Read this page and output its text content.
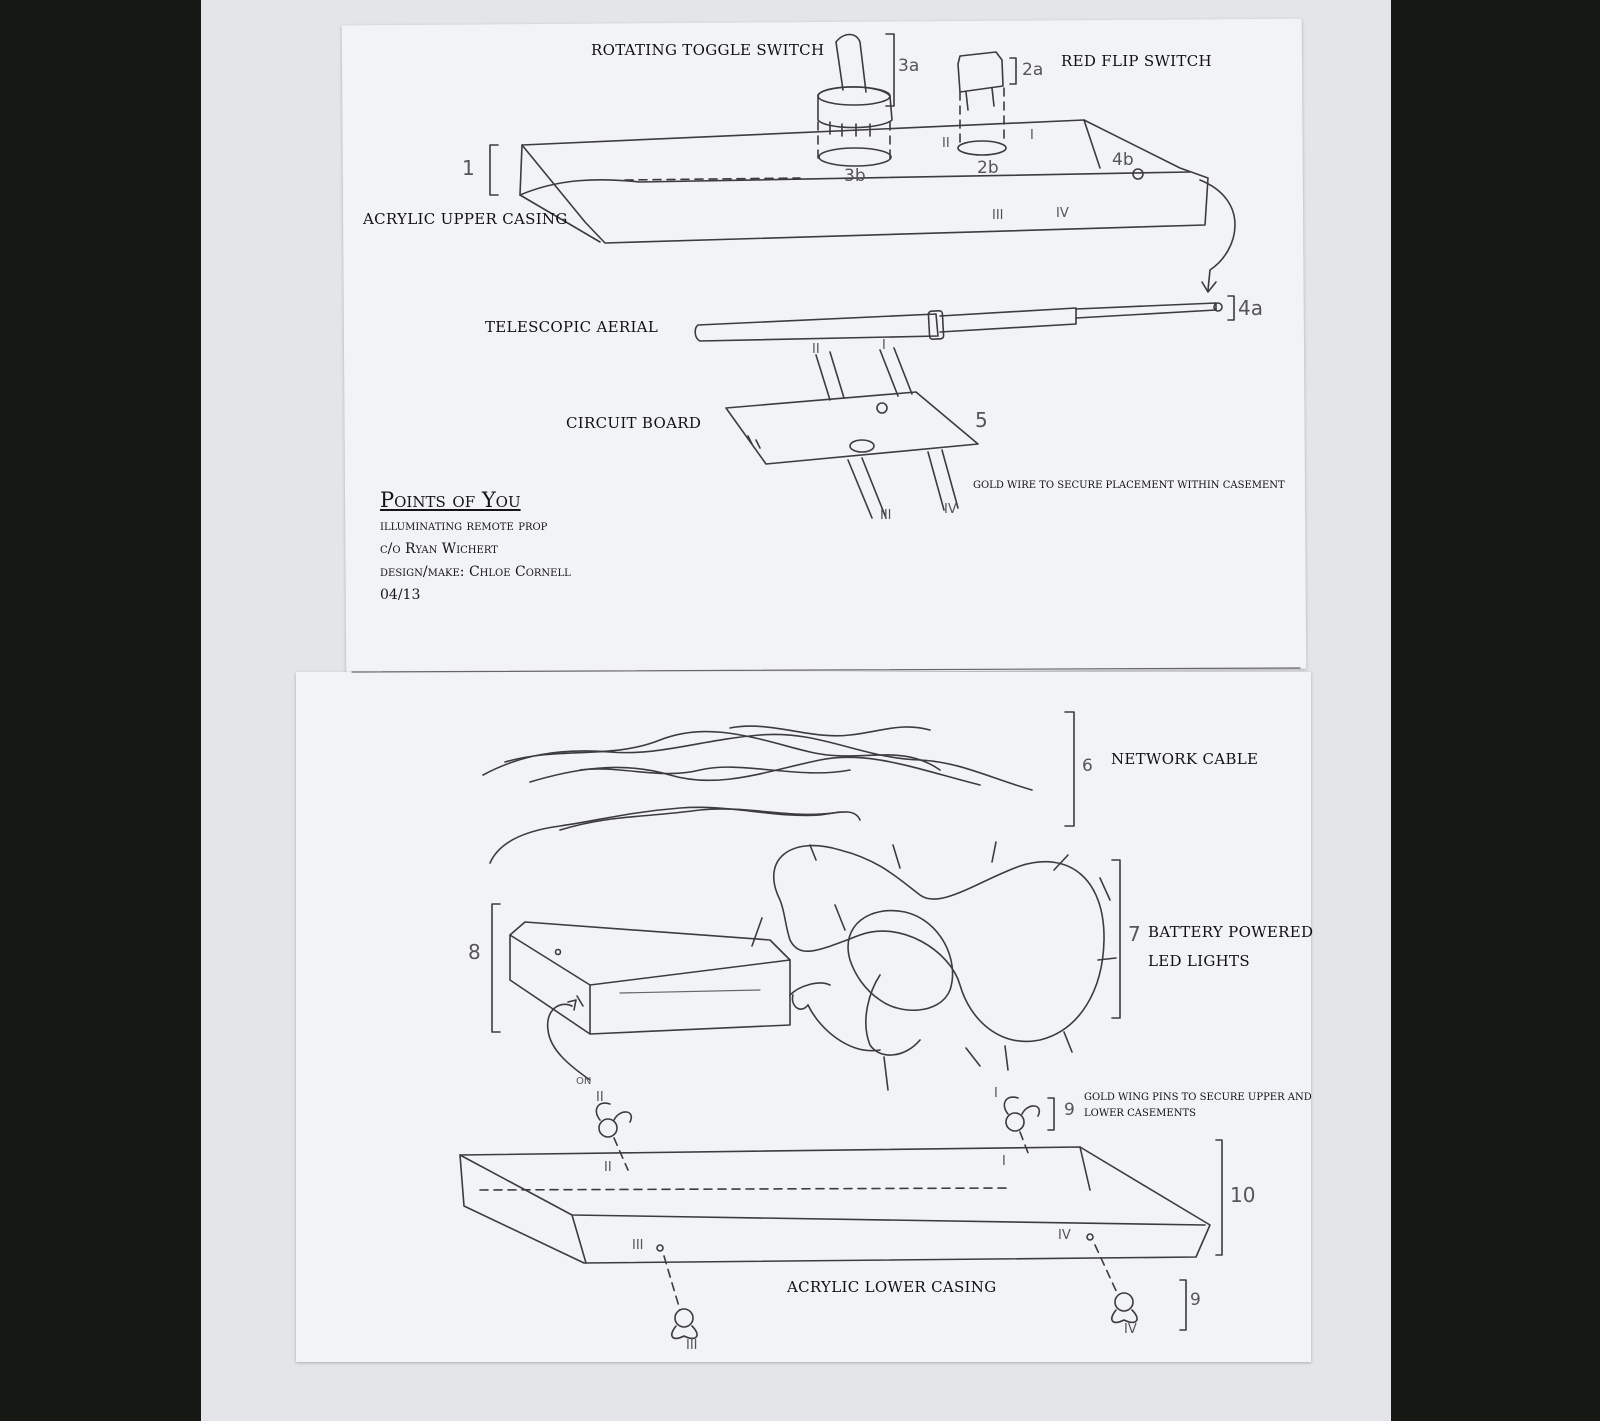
ROTATING TOGGLE SWITCH
RED FLIP SWITCH
ACRYLIC UPPER CASING
TELESCOPIC AERIAL
CIRCUIT BOARD
GOLD WIRE TO SECURE PLACEMENT WITHIN CASEMENT
NETWORK CABLE
BATTERY POWERED
LED LIGHTS
GOLD WING PINS TO SECURE UPPER AND
LOWER CASEMENTS
ACRYLIC LOWER CASING
Points of You
illuminating remote prop
c/o Ryan Wichert
design/make: Chloe Cornell
04/13
1
3a	2a
3b	2b	4b
4a
5
6
7
8
9
9
10
II
I
III	IV
II	I
III	IV
ON
II	I
II	I
III
IV
III
IV
